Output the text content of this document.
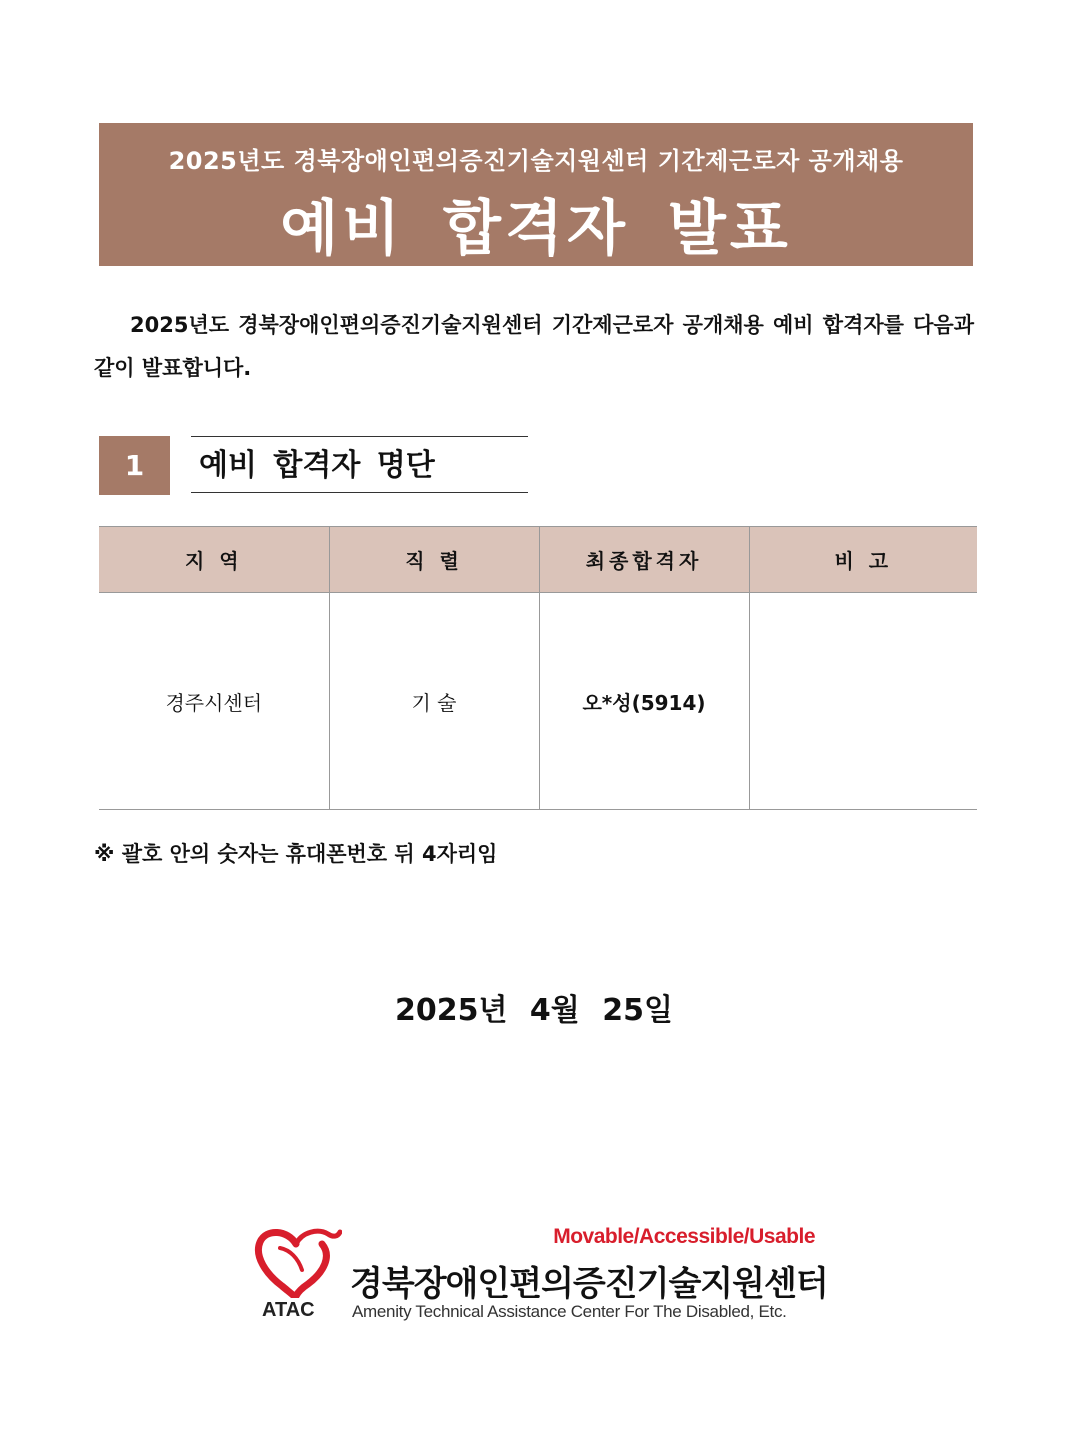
2025년도 경북장애인편의증진기술지원센터 기간제근로자 공개채용
예비 합격자 발표
2025년도 경북장애인편의증진기술지원센터 기간제근로자 공개채용 예비 합격자를 다음과 같이 발표합니다.
1	예비 합격자 명단
지 역	직 렬	최종합격자	비 고
경주시센터	기 술	오*성(5914)	
※ 괄호 안의 숫자는 휴대폰번호 뒤 4자리임
2025년 4월 25일
ATAC
Movable/Accessible/Usable
경북장애인편의증진기술지원센터
Amenity Technical Assistance Center For The Disabled, Etc.
